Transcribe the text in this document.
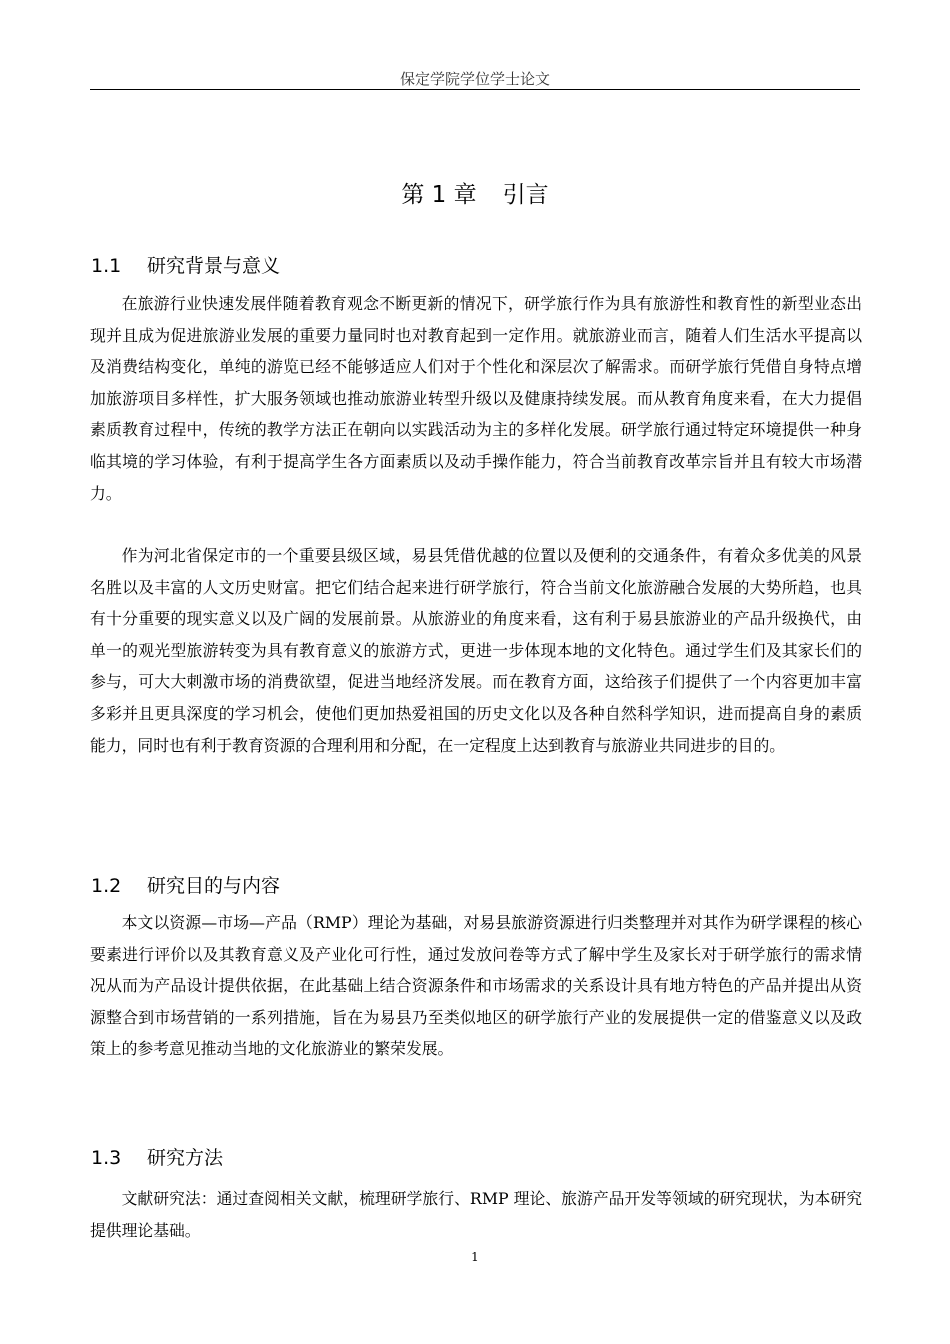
保定学院学位学士论文
第 1 章 引言
1.1 研究背景与意义

在旅游行业快速发展伴随着教育观念不断更新的情况下，研学旅行作为具有旅游性和教育性的新型业态出现并且成为促进旅游业发展的重要力量同时也对教育起到一定作用。就旅游业而言，随着人们生活水平提高以及消费结构变化，单纯的游览已经不能够适应人们对于个性化和深层次了解需求。而研学旅行凭借自身特点增加旅游项目多样性，扩大服务领域也推动旅游业转型升级以及健康持续发展。而从教育角度来看，在大力提倡素质教育过程中，传统的教学方法正在朝向以实践活动为主的多样化发展。研学旅行通过特定环境提供一种身临其境的学习体验，有利于提高学生各方面素质以及动手操作能力，符合当前教育改革宗旨并且有较大市场潜力。

作为河北省保定市的一个重要县级区域，易县凭借优越的位置以及便利的交通条件，有着众多优美的风景名胜以及丰富的人文历史财富。把它们结合起来进行研学旅行，符合当前文化旅游融合发展的大势所趋，也具有十分重要的现实意义以及广阔的发展前景。从旅游业的角度来看，这有利于易县旅游业的产品升级换代，由单一的观光型旅游转变为具有教育意义的旅游方式，更进一步体现本地的文化特色。通过学生们及其家长们的参与，可大大刺激市场的消费欲望，促进当地经济发展。而在教育方面，这给孩子们提供了一个内容更加丰富多彩并且更具深度的学习机会，使他们更加热爱祖国的历史文化以及各种自然科学知识，进而提高自身的素质能力，同时也有利于教育资源的合理利用和分配，在一定程度上达到教育与旅游业共同进步的目的。

1.2 研究目的与内容

本文以资源—市场—产品（RMP）理论为基础，对易县旅游资源进行归类整理并对其作为研学课程的核心要素进行评价以及其教育意义及产业化可行性，通过发放问卷等方式了解中学生及家长对于研学旅行的需求情况从而为产品设计提供依据，在此基础上结合资源条件和市场需求的关系设计具有地方特色的产品并提出从资源整合到市场营销的一系列措施，旨在为易县乃至类似地区的研学旅行产业的发展提供一定的借鉴意义以及政策上的参考意见推动当地的文化旅游业的繁荣发展。

1.3 研究方法

文献研究法：通过查阅相关文献，梳理研学旅行、RMP 理论、旅游产品开发等领域的研究现状，为本研究提供理论基础。

1
